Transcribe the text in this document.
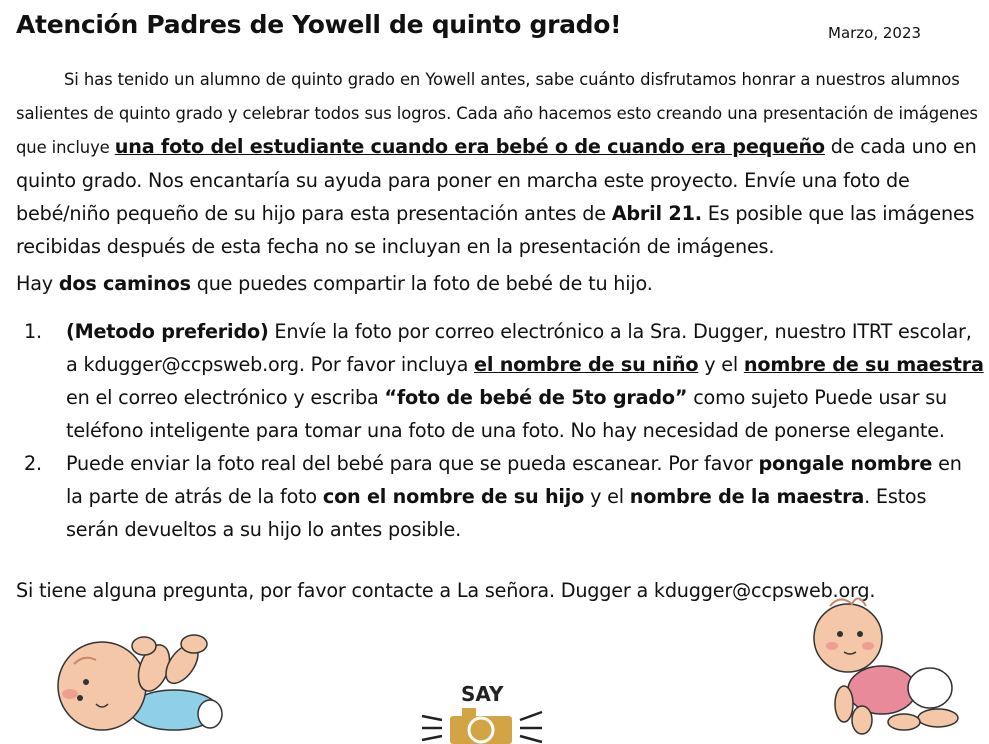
Atención Padres de Yowell de quinto grado!	Marzo, 2023

Si has tenido un alumno de quinto grado en Yowell antes, sabe cuánto disfrutamos honrar a nuestros alumnos salientes de quinto grado y celebrar todos sus logros. Cada año hacemos esto creando una presentación de imágenes que incluye una foto del estudiante cuando era bebé o de cuando era pequeño de cada uno en quinto grado. Nos encantaría su ayuda para poner en marcha este proyecto. Envíe una foto de bebé/niño pequeño de su hijo para esta presentación antes de Abril 21. Es posible que las imágenes recibidas después de esta fecha no se incluyan en la presentación de imágenes.

Hay dos caminos que puedes compartir la foto de bebé de tu hijo.

1. (Metodo preferido) Envíe la foto por correo electrónico a la Sra. Dugger, nuestro ITRT escolar, a kdugger@ccpsweb.org. Por favor incluya el nombre de su niño y el nombre de su maestra en el correo electrónico y escriba “foto de bebé de 5to grado” como sujeto Puede usar su teléfono inteligente para tomar una foto de una foto. No hay necesidad de ponerse elegante.
2. Puede enviar la foto real del bebé para que se pueda escanear. Por favor pongale nombre en la parte de atrás de la foto con el nombre de su hijo y el nombre de la maestra. Estos serán devueltos a su hijo lo antes posible.

Si tiene alguna pregunta, por favor contacte a La señora. Dugger a kdugger@ccpsweb.org.

SAY
